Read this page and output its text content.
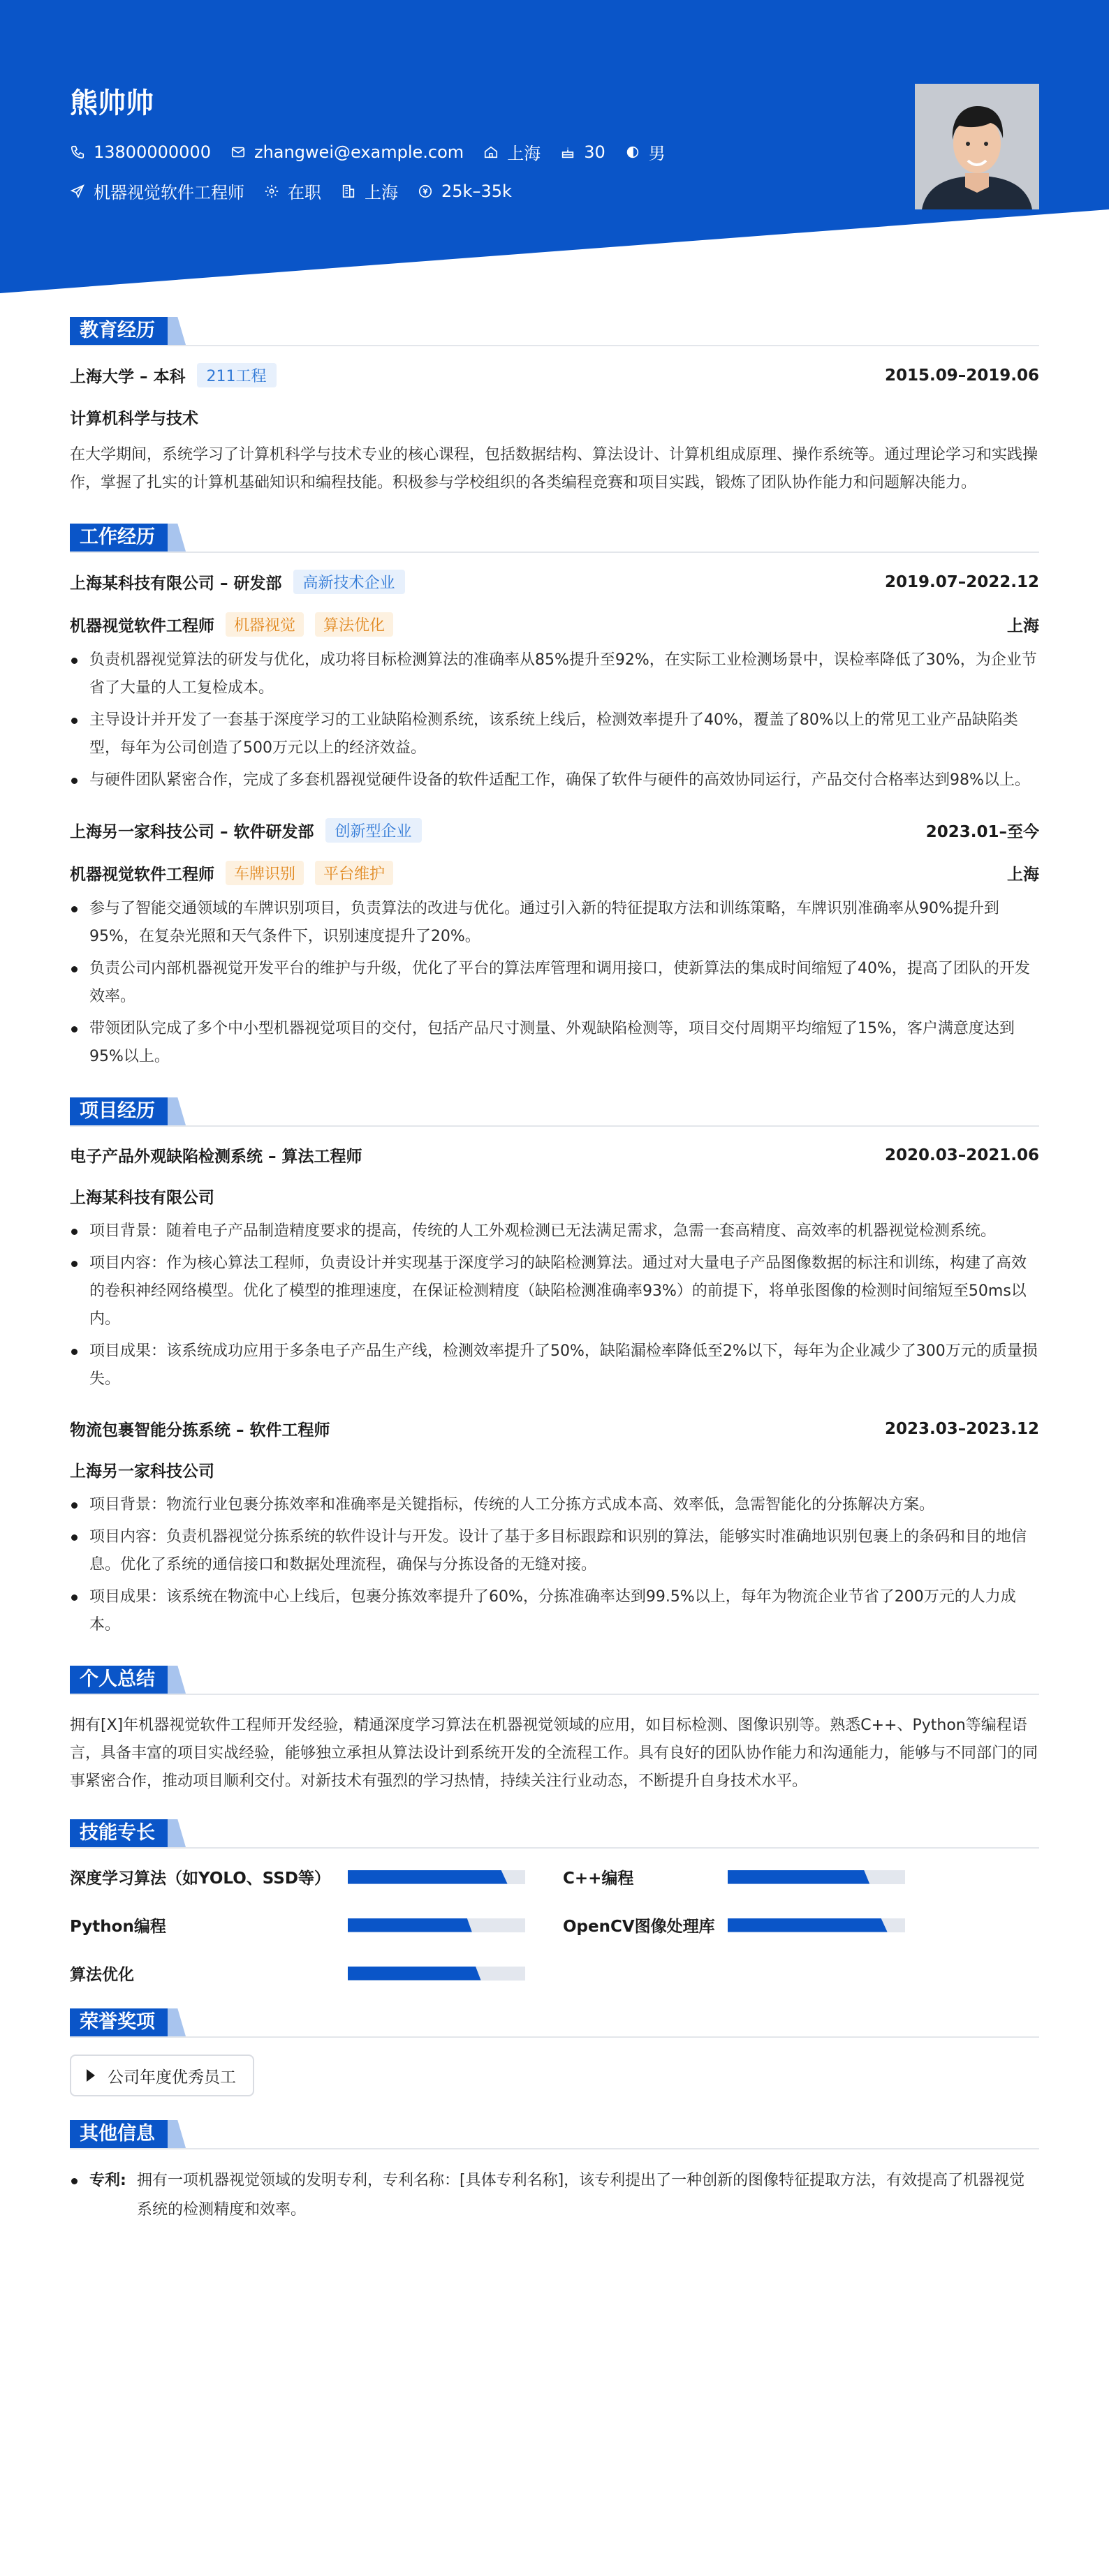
熊帅帅
13800000000	zhangwei@example.com	上海	30	男
机器视觉软件工程师	在职	上海	25k–35k
教育经历
上海大学 – 本科	211工程	2015.09–2019.06
计算机科学与技术
在大学期间，系统学习了计算机科学与技术专业的核心课程，包括数据结构、算法设计、计算机组成原理、操作系统等。通过理论学习和实践操作，掌握了扎实的计算机基础知识和编程技能。积极参与学校组织的各类编程竞赛和项目实践，锻炼了团队协作能力和问题解决能力。
工作经历
上海某科技有限公司 – 研发部	高新技术企业	2019.07–2022.12
机器视觉软件工程师	机器视觉	算法优化	上海
负责机器视觉算法的研发与优化，成功将目标检测算法的准确率从85%提升至92%，在实际工业检测场景中，误检率降低了30%，为企业节省了大量的人工复检成本。
主导设计并开发了一套基于深度学习的工业缺陷检测系统，该系统上线后，检测效率提升了40%，覆盖了80%以上的常见工业产品缺陷类型，每年为公司创造了500万元以上的经济效益。
与硬件团队紧密合作，完成了多套机器视觉硬件设备的软件适配工作，确保了软件与硬件的高效协同运行，产品交付合格率达到98%以上。
上海另一家科技公司 – 软件研发部	创新型企业	2023.01–至今
机器视觉软件工程师	车牌识别	平台维护	上海
参与了智能交通领域的车牌识别项目，负责算法的改进与优化。通过引入新的特征提取方法和训练策略，车牌识别准确率从90%提升到95%，在复杂光照和天气条件下，识别速度提升了20%。
负责公司内部机器视觉开发平台的维护与升级，优化了平台的算法库管理和调用接口，使新算法的集成时间缩短了40%，提高了团队的开发效率。
带领团队完成了多个中小型机器视觉项目的交付，包括产品尺寸测量、外观缺陷检测等，项目交付周期平均缩短了15%，客户满意度达到95%以上。
项目经历
电子产品外观缺陷检测系统 – 算法工程师	2020.03–2021.06
上海某科技有限公司
项目背景：随着电子产品制造精度要求的提高，传统的人工外观检测已无法满足需求，急需一套高精度、高效率的机器视觉检测系统。
项目内容：作为核心算法工程师，负责设计并实现基于深度学习的缺陷检测算法。通过对大量电子产品图像数据的标注和训练，构建了高效的卷积神经网络模型。优化了模型的推理速度，在保证检测精度（缺陷检测准确率93%）的前提下，将单张图像的检测时间缩短至50ms以内。
项目成果：该系统成功应用于多条电子产品生产线，检测效率提升了50%，缺陷漏检率降低至2%以下，每年为企业减少了300万元的质量损失。
物流包裹智能分拣系统 – 软件工程师	2023.03–2023.12
上海另一家科技公司
项目背景：物流行业包裹分拣效率和准确率是关键指标，传统的人工分拣方式成本高、效率低，急需智能化的分拣解决方案。
项目内容：负责机器视觉分拣系统的软件设计与开发。设计了基于多目标跟踪和识别的算法，能够实时准确地识别包裹上的条码和目的地信息。优化了系统的通信接口和数据处理流程，确保与分拣设备的无缝对接。
项目成果：该系统在物流中心上线后，包裹分拣效率提升了60%，分拣准确率达到99.5%以上，每年为物流企业节省了200万元的人力成本。
个人总结
拥有[X]年机器视觉软件工程师开发经验，精通深度学习算法在机器视觉领域的应用，如目标检测、图像识别等。熟悉C++、Python等编程语言，具备丰富的项目实战经验，能够独立承担从算法设计到系统开发的全流程工作。具有良好的团队协作能力和沟通能力，能够与不同部门的同事紧密合作，推动项目顺利交付。对新技术有强烈的学习热情，持续关注行业动态，不断提升自身技术水平。
技能专长
深度学习算法（如YOLO、SSD等）	C++编程
Python编程	OpenCV图像处理库
算法优化
荣誉奖项
公司年度优秀员工
其他信息
专利: 拥有一项机器视觉领域的发明专利，专利名称：[具体专利名称]，该专利提出了一种创新的图像特征提取方法，有效提高了机器视觉系统的检测精度和效率。
